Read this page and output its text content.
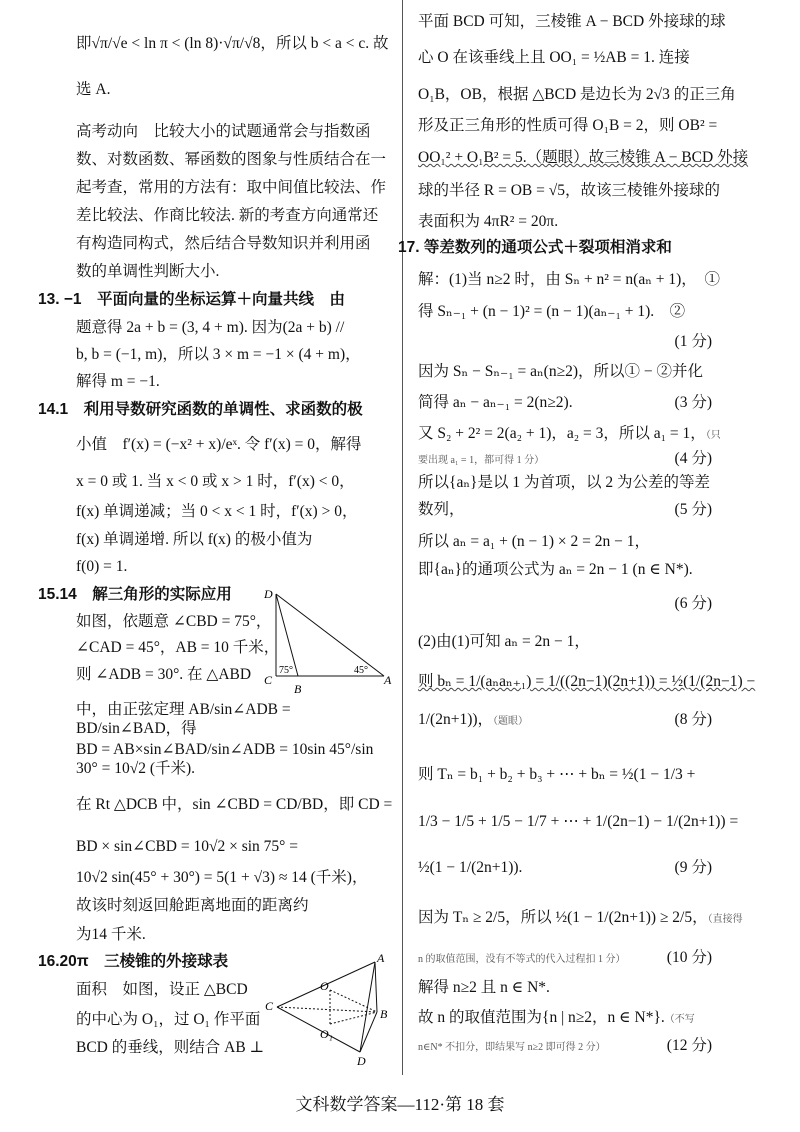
即√π/√e < ln π < (ln 8)·√π/√8，所以 b < a < c. 故
选 A.
高考动向　比较大小的试题通常会与指数函
数、对数函数、幂函数的图象与性质结合在一
起考查，常用的方法有：取中间值比较法、作
差比较法、作商比较法. 新的考查方向通常还
有构造同构式，然后结合导数知识并利用函
数的单调性判断大小.
13. −1　平面向量的坐标运算＋向量共线　由
题意得 2a + b = (3, 4 + m). 因为(2a + b) //
b, b = (−1, m)，所以 3 × m = −1 × (4 + m)，
解得 m = −1.
14.1　利用导数研究函数的单调性、求函数的极
小值　f′(x) = (−x² + x)/eˣ. 令 f′(x) = 0，解得
x = 0 或 1. 当 x < 0 或 x > 1 时，f′(x) < 0，
f(x) 单调递减；当 0 < x < 1 时，f′(x) > 0，
f(x) 单调递增. 所以 f(x) 的极小值为
f(0) = 1.
15.14　解三角形的实际应用
如图，依题意 ∠CBD = 75°，
∠CAD = 45°，AB = 10 千米，
则 ∠ADB = 30°. 在 △ABD
中，由正弦定理 AB/sin∠ADB = BD/sin∠BAD，得
BD = AB×sin∠BAD/sin∠ADB = 10sin 45°/sin 30° = 10√2 (千米).
在 Rt △DCB 中，sin ∠CBD = CD/BD，即 CD =
BD × sin∠CBD = 10√2 × sin 75° =
10√2 sin(45° + 30°) = 5(1 + √3) ≈ 14 (千米)，
故该时刻返回舱距离地面的距离约
为14 千米.
16.20π　三棱锥的外接球表
面积　如图，设正 △BCD
的中心为 O₁，过 O₁ 作平面
BCD 的垂线，则结合 AB ⊥
平面 BCD 可知，三棱锥 A − BCD 外接球的球
心 O 在该垂线上且 OO₁ = ½AB = 1. 连接
O₁B，OB，根据 △BCD 是边长为 2√3 的正三角
形及正三角形的性质可得 O₁B = 2，则 OB² =
OO₁² + O₁B² = 5.（题眼）故三棱锥 A − BCD 外接
球的半径 R = OB = √5，故该三棱锥外接球的
表面积为 4πR² = 20π.
17. 等差数列的通项公式＋裂项相消求和
解：(1)当 n≥2 时，由 Sₙ + n² = n(aₙ + 1)，　①
得 Sₙ₋₁ + (n − 1)² = (n − 1)(aₙ₋₁ + 1).　②
(1 分)
因为 Sₙ − Sₙ₋₁ = aₙ(n≥2)，所以① − ②并化
简得 aₙ − aₙ₋₁ = 2(n≥2).	(3 分)
又 S₂ + 2² = 2(a₂ + 1)，a₂ = 3，所以 a₁ = 1，（只
要出现 a₁ = 1，都可得 1 分）	(4 分)
所以{aₙ}是以 1 为首项，以 2 为公差的等差
数列，	(5 分)
所以 aₙ = a₁ + (n − 1) × 2 = 2n − 1，
即{aₙ}的通项公式为 aₙ = 2n − 1 (n ∈ N*).
(6 分)
(2)由(1)可知 aₙ = 2n − 1，
则 bₙ = 1/(aₙaₙ₊₁) = 1/((2n−1)(2n+1)) = ½(1/(2n−1) −
1/(2n+1))，（题眼）	(8 分)
则 Tₙ = b₁ + b₂ + b₃ + ⋯ + bₙ = ½(1 − 1/3 +
1/3 − 1/5 + 1/5 − 1/7 + ⋯ + 1/(2n−1) − 1/(2n+1)) =
½(1 − 1/(2n+1)).	(9 分)
因为 Tₙ ≥ 2/5，所以 ½(1 − 1/(2n+1)) ≥ 2/5，（直接得
n 的取值范围，没有不等式的代入过程扣 1 分）	(10 分)
解得 n≥2 且 n ∈ N*.
故 n 的取值范围为{n | n≥2，n ∈ N*}.（不写
n∈N* 不扣分，即结果写 n≥2 即可得 2 分）	(12 分)
D
C
B
A
75°	45°
A
B
C
D
O
O₁
文科数学答案—112·第 18 套
